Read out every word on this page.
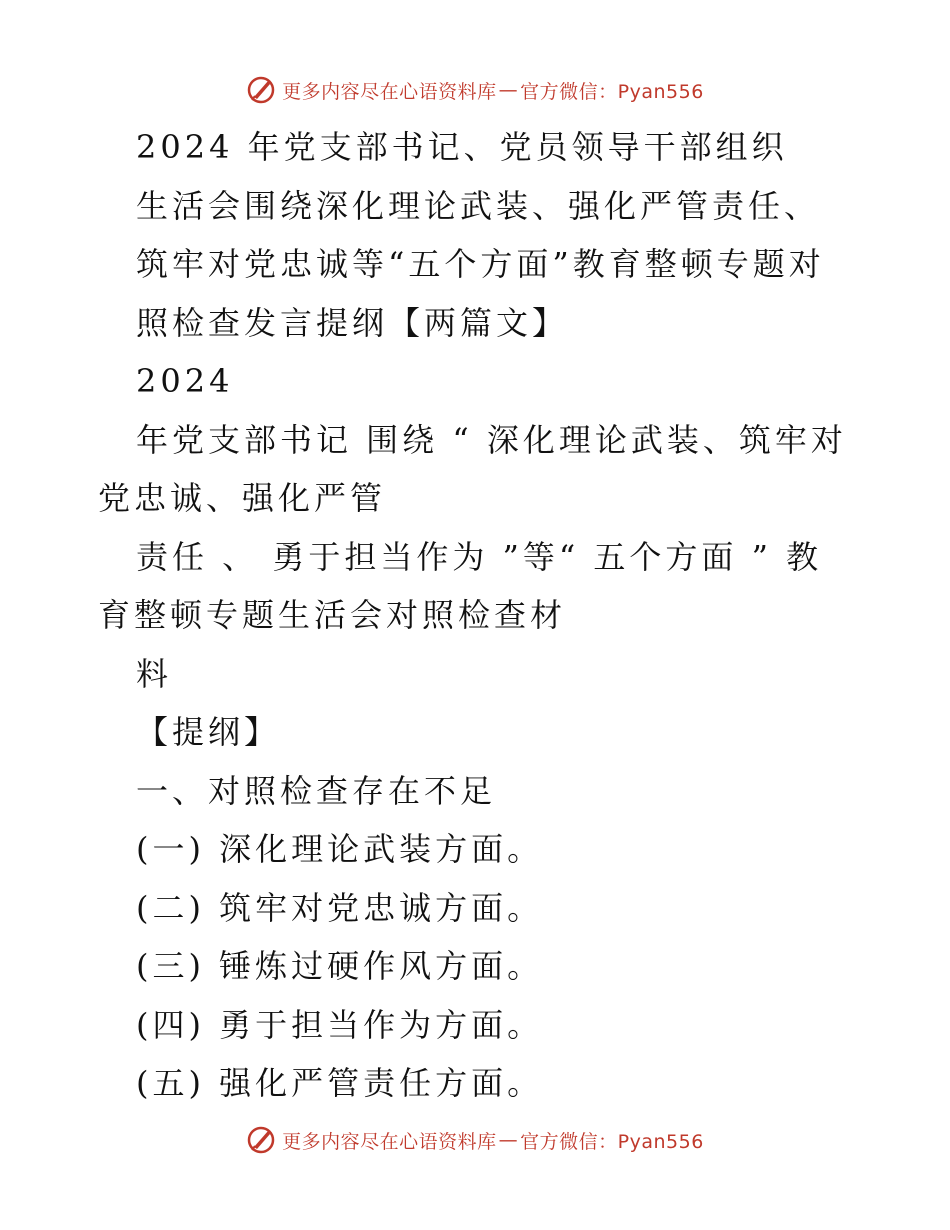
更多内容尽在心语资料库 — 官方微信：Pyan556
2024 年党支部书记、党员领导干部组织
生活会围绕深化理论武装、强化严管责任、
筑牢对党忠诚等“五个方面”教育整顿专题对
照检查发言提纲【两篇文】
2024
年党支部书记 围绕 “ 深化理论武装、筑牢对
党忠诚、强化严管
责任 、 勇于担当作为 ”等“ 五个方面 ” 教
育整顿专题生活会对照检查材
料
【提纲】
一、对照检查存在不足
(一) 深化理论武装方面。
(二) 筑牢对党忠诚方面。
(三) 锤炼过硬作风方面。
(四) 勇于担当作为方面。
(五) 强化严管责任方面。
更多内容尽在心语资料库 — 官方微信：Pyan556
